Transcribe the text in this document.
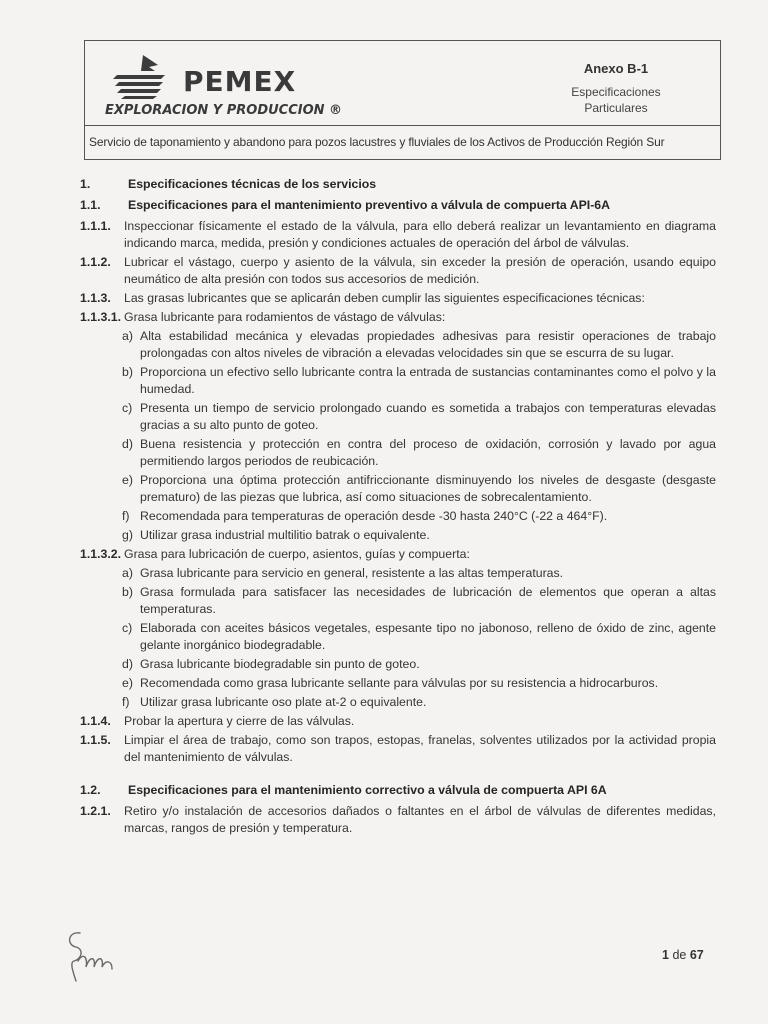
PEMEX
EXPLORACION Y PRODUCCION ®
Anexo B-1
Especificaciones
Particulares
Servicio de taponamiento y abandono para pozos lacustres y fluviales de los Activos de Producción Región Sur
1.	Especificaciones técnicas de los servicios
1.1.	Especificaciones para el mantenimiento preventivo a válvula de compuerta API-6A
1.1.1.	Inspeccionar físicamente el estado de la válvula, para ello deberá realizar un levantamiento en diagrama indicando marca, medida, presión y condiciones actuales de operación del árbol de válvulas.
1.1.2.	Lubricar el vástago, cuerpo y asiento de la válvula, sin exceder la presión de operación, usando equipo neumático de alta presión con todos sus accesorios de medición.
1.1.3.	Las grasas lubricantes que se aplicarán deben cumplir las siguientes especificaciones técnicas:
1.1.3.1. Grasa lubricante para rodamientos de vástago de válvulas:
a) Alta estabilidad mecánica y elevadas propiedades adhesivas para resistir operaciones de trabajo prolongadas con altos niveles de vibración a elevadas velocidades sin que se escurra de su lugar.
b) Proporciona un efectivo sello lubricante contra la entrada de sustancias contaminantes como el polvo y la humedad.
c) Presenta un tiempo de servicio prolongado cuando es sometida a trabajos con temperaturas elevadas gracias a su alto punto de goteo.
d) Buena resistencia y protección en contra del proceso de oxidación, corrosión y lavado por agua permitiendo largos periodos de reubicación.
e) Proporciona una óptima protección antifriccionante disminuyendo los niveles de desgaste (desgaste prematuro) de las piezas que lubrica, así como situaciones de sobrecalentamiento.
f) Recomendada para temperaturas de operación desde -30 hasta 240°C (-22 a 464°F).
g) Utilizar grasa industrial multilitio batrak o equivalente.
1.1.3.2. Grasa para lubricación de cuerpo, asientos, guías y compuerta:
a) Grasa lubricante para servicio en general, resistente a las altas temperaturas.
b) Grasa formulada para satisfacer las necesidades de lubricación de elementos que operan a altas temperaturas.
c) Elaborada con aceites básicos vegetales, espesante tipo no jabonoso, relleno de óxido de zinc, agente gelante inorgánico biodegradable.
d) Grasa lubricante biodegradable sin punto de goteo.
e) Recomendada como grasa lubricante sellante para válvulas por su resistencia a hidrocarburos.
f) Utilizar grasa lubricante oso plate at-2 o equivalente.
1.1.4.	Probar la apertura y cierre de las válvulas.
1.1.5.	Limpiar el área de trabajo, como son trapos, estopas, franelas, solventes utilizados por la actividad propia del mantenimiento de válvulas.
1.2.	Especificaciones para el mantenimiento correctivo a válvula de compuerta API 6A
1.2.1.	Retiro y/o instalación de accesorios dañados o faltantes en el árbol de válvulas de diferentes medidas, marcas, rangos de presión y temperatura.
1 de 67
